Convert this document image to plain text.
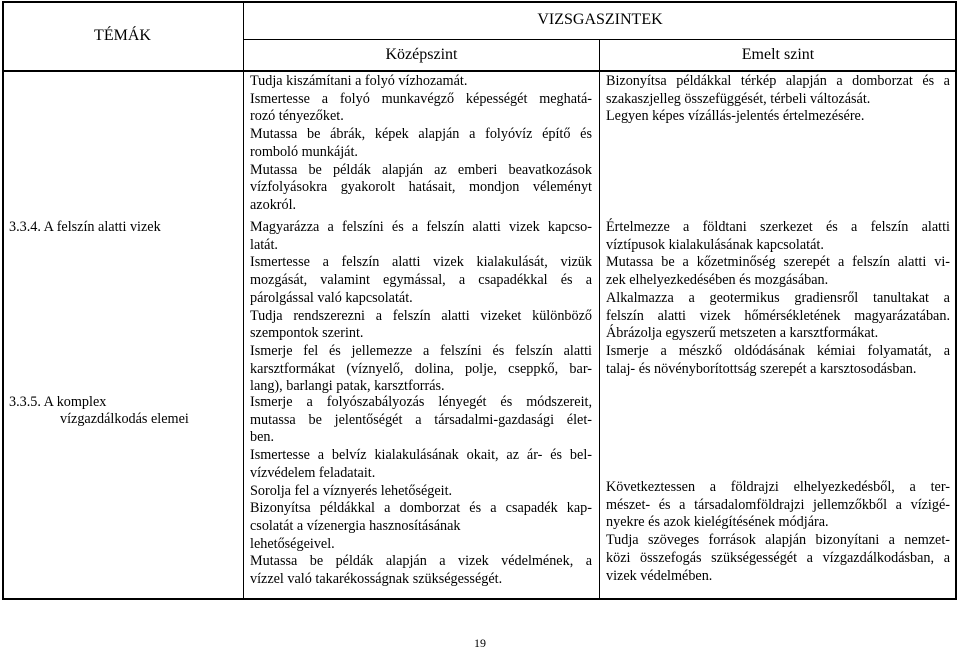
TÉMÁK
VIZSGASZINTEK
Középszint	Emelt szint
3.3.4. A felszín alatti vizek
3.3.5. A komplex
vízgazdálkodás elemei
Tudja kiszámítani a folyó vízhozamát.
Ismertesse a folyó munkavégző képességét meghatá-
rozó tényezőket.
Mutassa be ábrák, képek alapján a folyóvíz építő és
romboló munkáját.
Mutassa be példák alapján az emberi beavatkozások
vízfolyásokra gyakorolt hatásait, mondjon véleményt
azokról.
Magyarázza a felszíni és a felszín alatti vizek kapcso-
latát.
Ismertesse a felszín alatti vizek kialakulását, vizük
mozgását, valamint egymással, a csapadékkal és a
párolgással való kapcsolatát.
Tudja rendszerezni a felszín alatti vizeket különböző
szempontok szerint.
Ismerje fel és jellemezze a felszíni és felszín alatti
karsztformákat (víznyelő, dolina, polje, cseppkő, bar-
lang), barlangi patak, karsztforrás.
Ismerje a folyószabályozás lényegét és módszereit,
mutassa be jelentőségét a társadalmi-gazdasági élet-
ben.
Ismertesse a belvíz kialakulásának okait, az ár- és bel-
vízvédelem feladatait.
Sorolja fel a víznyerés lehetőségeit.
Bizonyítsa példákkal a domborzat és a csapadék kap-
csolatát a vízenergia hasznosításának
lehetőségeivel.
Mutassa be példák alapján a vizek védelmének, a
vízzel való takarékosságnak szükségességét.
Bizonyítsa példákkal térkép alapján a domborzat és a
szakaszjelleg összefüggését, térbeli változását.
Legyen képes vízállás-jelentés értelmezésére.
Értelmezze a földtani szerkezet és a felszín alatti
víztípusok kialakulásának kapcsolatát.
Mutassa be a kőzetminőség szerepét a felszín alatti vi-
zek elhelyezkedésében és mozgásában.
Alkalmazza a geotermikus gradiensről tanultakat a
felszín alatti vizek hőmérsékletének magyarázatában.
Ábrázolja egyszerű metszeten a karsztformákat.
Ismerje a mészkő oldódásának kémiai folyamatát, a
talaj- és növényborítottság szerepét a karsztosodásban.
Következtessen a földrajzi elhelyezkedésből, a ter-
mészet- és a társadalomföldrajzi jellemzőkből a vízigé-
nyekre és azok kielégítésének módjára.
Tudja szöveges források alapján bizonyítani a nemzet-
közi összefogás szükségességét a vízgazdálkodásban, a
vizek védelmében.
19
